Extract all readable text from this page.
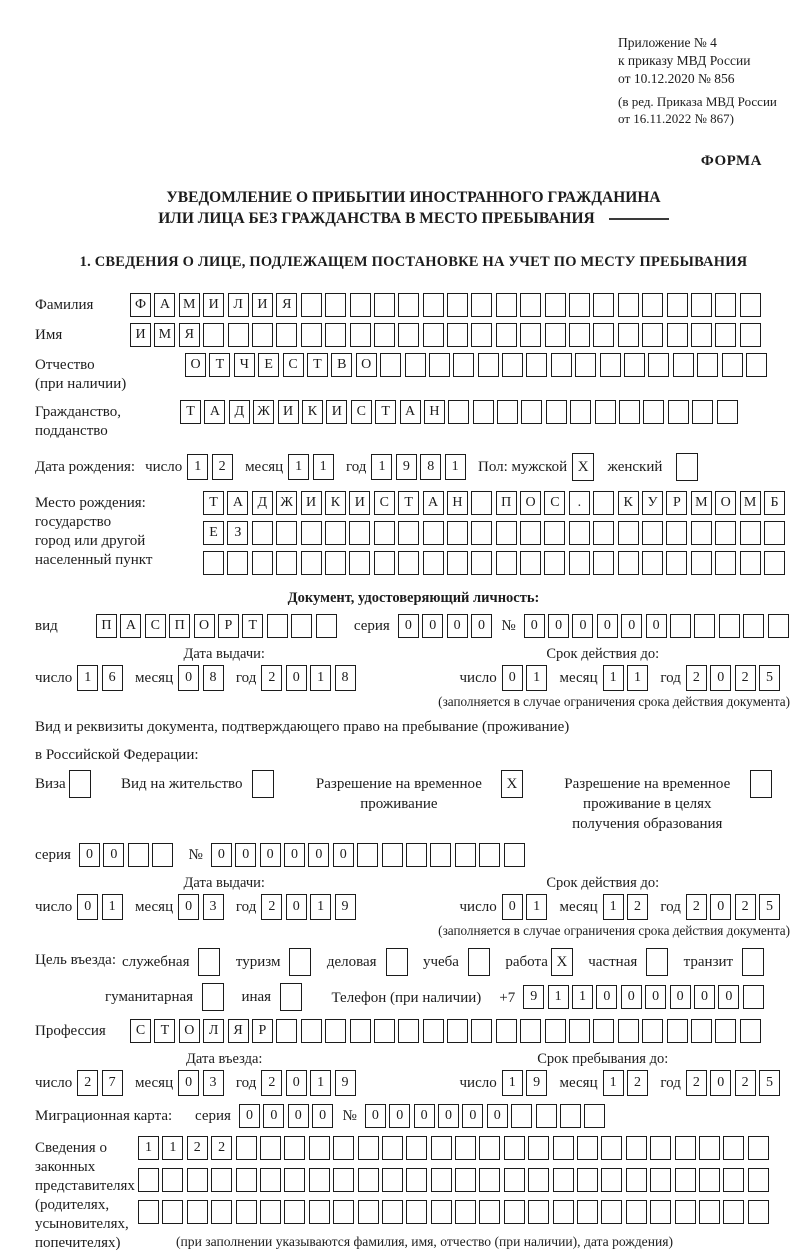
Приложение № 4
к приказу МВД России
от 10.12.2020 № 856
(в ред. Приказа МВД России
от 16.11.2022 № 867)
ФОРМА
УВЕДОМЛЕНИЕ О ПРИБЫТИИ ИНОСТРАННОГО ГРАЖДАНИНА
ИЛИ ЛИЦА БЕЗ ГРАЖДАНСТВА В МЕСТО ПРЕБЫВАНИЯ
1. СВЕДЕНИЯ О ЛИЦЕ, ПОДЛЕЖАЩЕМ ПОСТАНОВКЕ НА УЧЕТ ПО МЕСТУ ПРЕБЫВАНИЯ
Фамилия	Ф А М И	Л	И	Я
Имя	И М Я
Отчество
(при наличии)
О	Т	Ч	Е	С	Т	В	О
Гражданство,
подданство
Т	А	Д Ж И	К	И	С	Т	А	Н
Дата рождения: число 1	2	месяц 1	1	год 1	9	8	1	Пол: мужской X	женский
Место рождения:
государство
город или другой
населенный пункт
Т	А	Д Ж И	К	И	С	Т	А	Н	П	О	С	.	К	У	Р	М О М	Б
Е	З
Документ, удостоверяющий личность:
вид	П	А	С	П	О	Р	Т	серия	0	0	0	0	№	0	0	0	0	0	0
Дата выдачи:	Срок действия до:
число 1	6	месяц 0	8	год 2	0	1	8	число 0	1	месяц 1	1	год 2	0	2	5
(заполняется в случае ограничения срока действия документа)
Вид и реквизиты документа, подтверждающего право на пребывание (проживание)
в Российской Федерации:
Виза	Вид на жительство	Разрешение на временное проживание
X	Разрешение на временное проживание в целях получения образования
серия	0	0	№	0	0	0	0	0	0
Дата выдачи:	Срок действия до:
число 0	1	месяц 0	3	год 2	0	1	9	число 0	1	месяц 1	2	год 2	0	2	5
(заполняется в случае ограничения срока действия документа)
Цель въезда: служебная	туризм	деловая	учеба	работа X	частная	транзит
гуманитарная	иная	Телефон (при наличии) +7	9	1	1	0	0	0	0	0	0
Профессия	С	Т	О	Л	Я	Р
Дата въезда:	Срок пребывания до:
число 2	7	месяц 0	3	год 2	0	1	9	число 1	9	месяц 1	2	год 2	0	2	5
Миграционная карта:	серия	0	0	0	0	№	0	0	0	0	0	0
Сведения о
законных
представителях
(родителях,
усыновителях,
попечителях)
1	1	2	2
(при заполнении указываются фамилия, имя, отчество (при наличии), дата рождения)
